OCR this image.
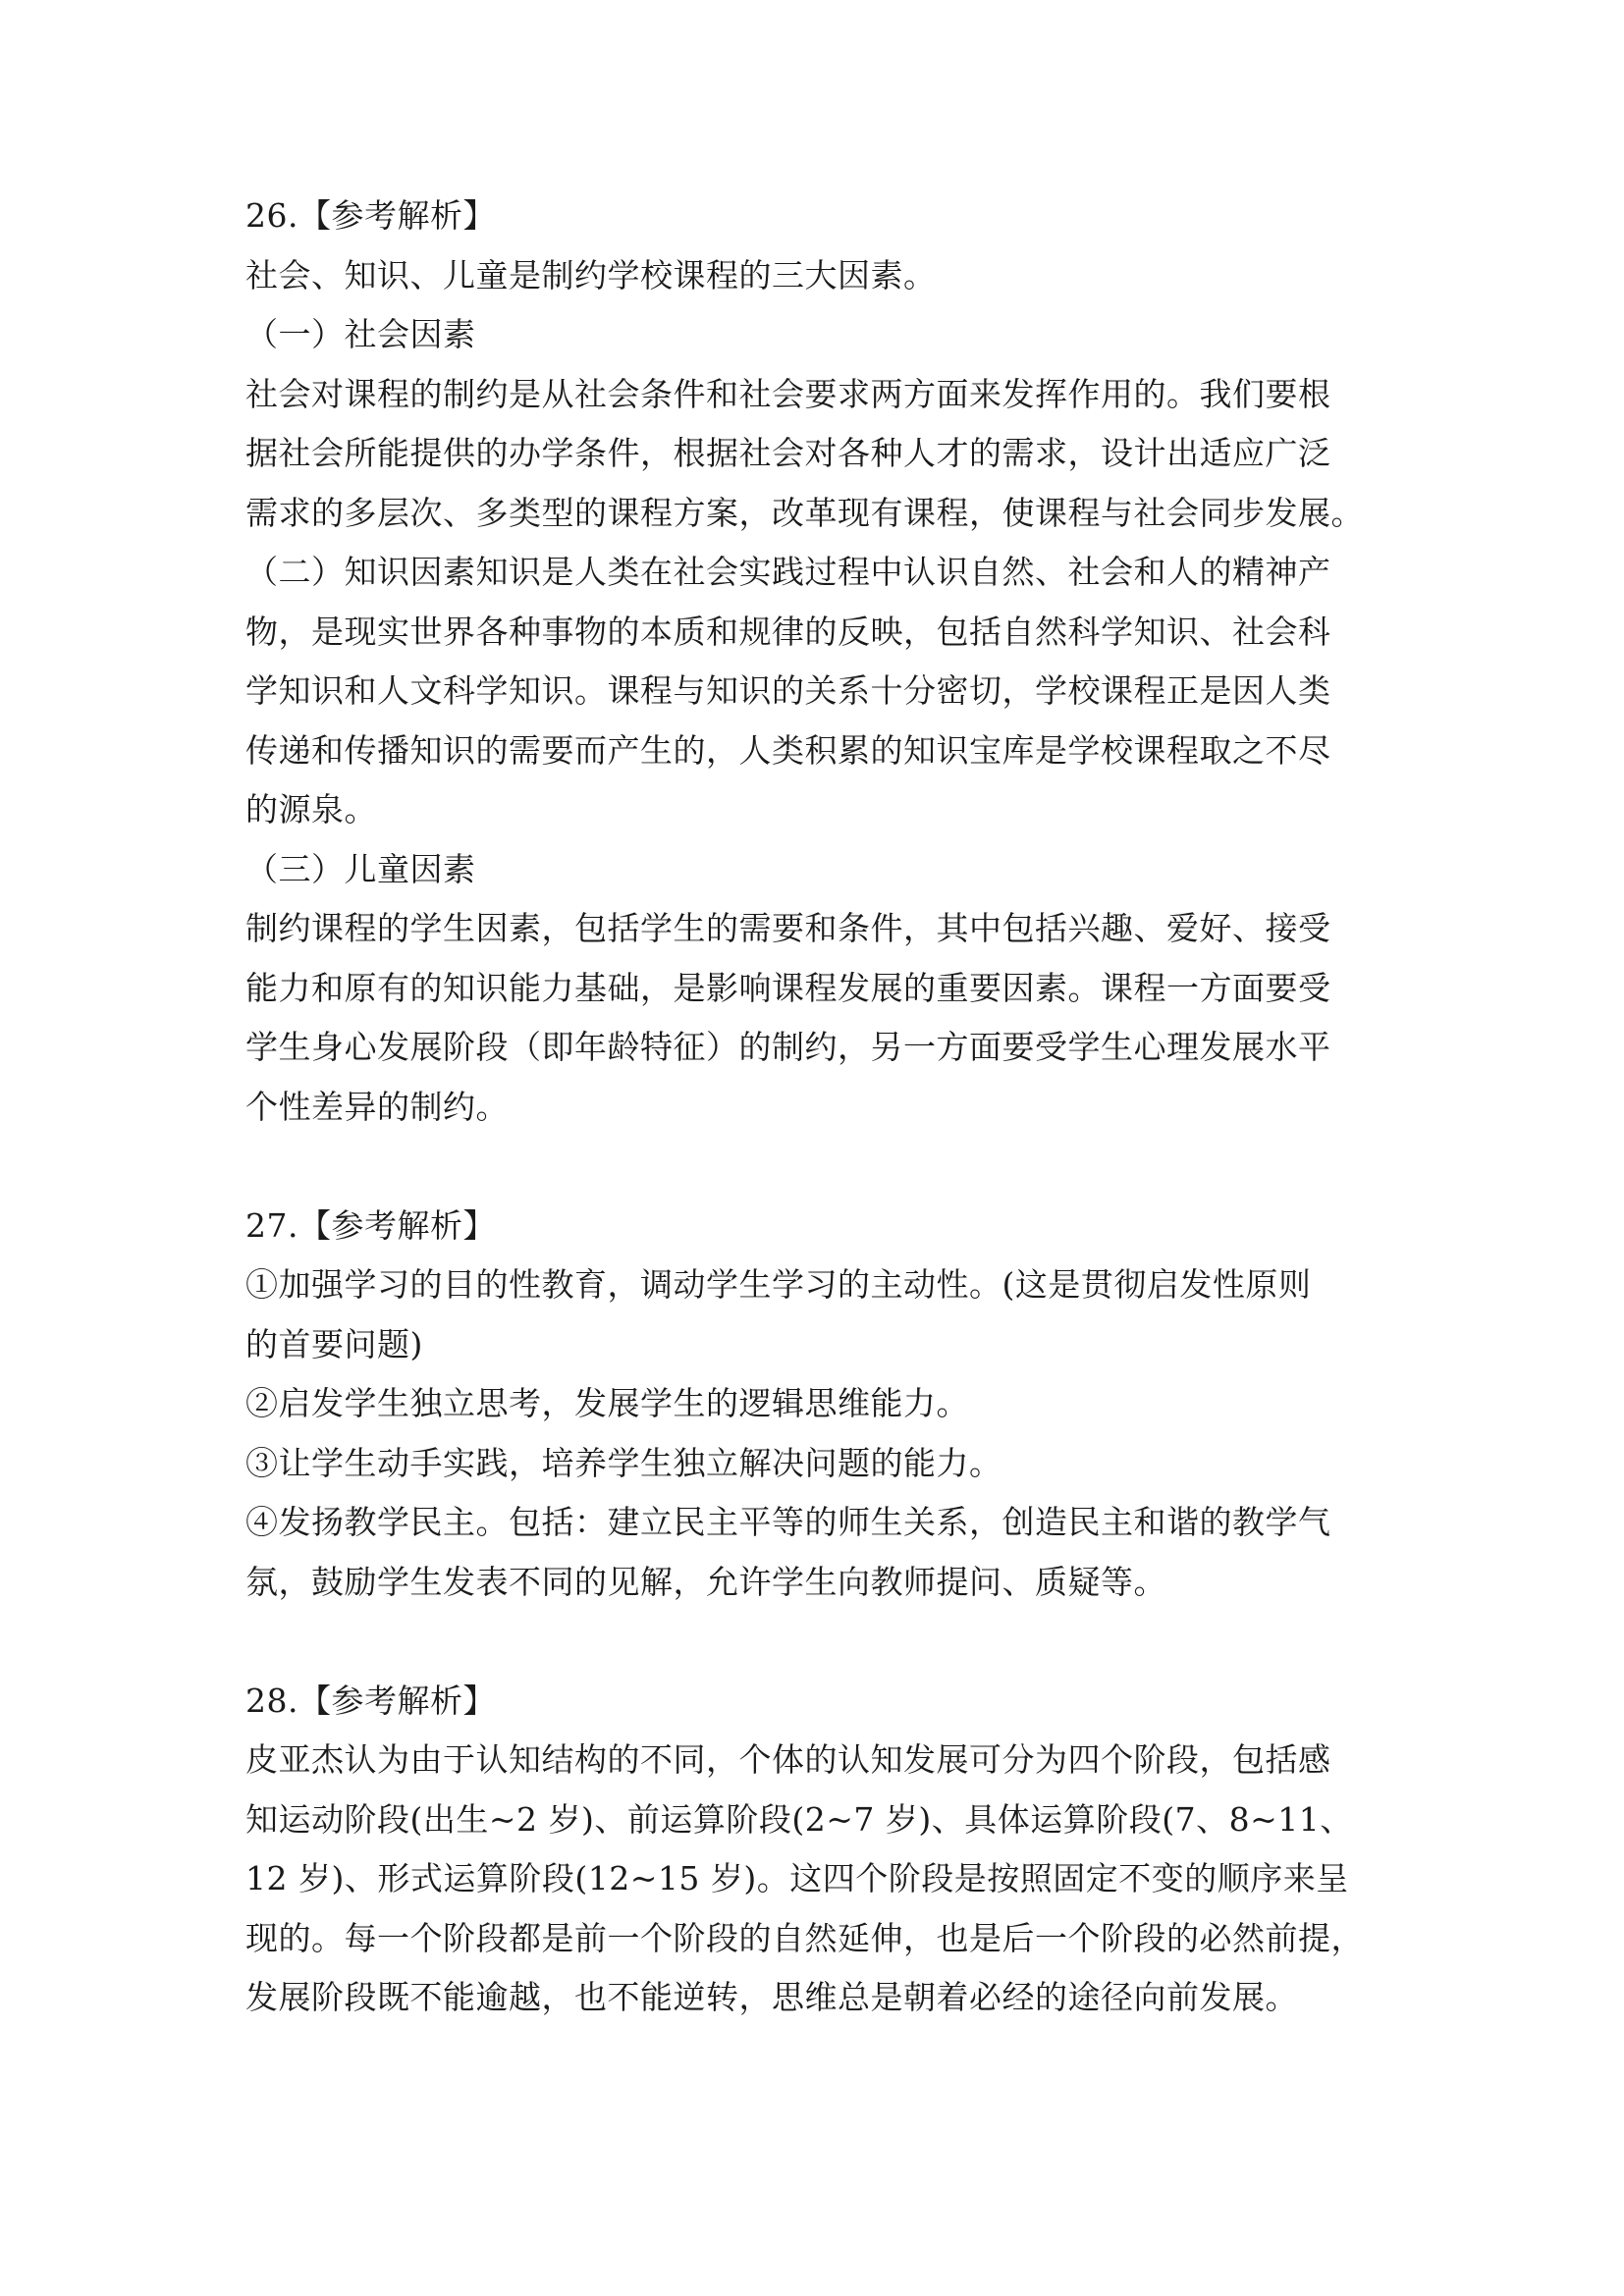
26.【参考解析】
社会、知识、儿童是制约学校课程的三大因素。
（一）社会因素
社会对课程的制约是从社会条件和社会要求两方面来发挥作用的。我们要根
据社会所能提供的办学条件，根据社会对各种人才的需求，设计出适应广泛
需求的多层次、多类型的课程方案，改革现有课程，使课程与社会同步发展。
（二）知识因素知识是人类在社会实践过程中认识自然、社会和人的精神产
物，是现实世界各种事物的本质和规律的反映，包括自然科学知识、社会科
学知识和人文科学知识。课程与知识的关系十分密切，学校课程正是因人类
传递和传播知识的需要而产生的，人类积累的知识宝库是学校课程取之不尽
的源泉。
（三）儿童因素
制约课程的学生因素，包括学生的需要和条件，其中包括兴趣、爱好、接受
能力和原有的知识能力基础，是影响课程发展的重要因素。课程一方面要受
学生身心发展阶段（即年龄特征）的制约，另一方面要受学生心理发展水平
个性差异的制约。
27.【参考解析】
①加强学习的目的性教育，调动学生学习的主动性。(这是贯彻启发性原则
的首要问题)
②启发学生独立思考，发展学生的逻辑思维能力。
③让学生动手实践，培养学生独立解决问题的能力。
④发扬教学民主。包括：建立民主平等的师生关系，创造民主和谐的教学气
氛，鼓励学生发表不同的见解，允许学生向教师提问、质疑等。
28.【参考解析】
皮亚杰认为由于认知结构的不同，个体的认知发展可分为四个阶段，包括感
知运动阶段(出生~2 岁)、前运算阶段(2~7 岁)、具体运算阶段(7、8~11、
12 岁)、形式运算阶段(12~15 岁)。这四个阶段是按照固定不变的顺序来呈
现的。每一个阶段都是前一个阶段的自然延伸，也是后一个阶段的必然前提，
发展阶段既不能逾越，也不能逆转，思维总是朝着必经的途径向前发展。
